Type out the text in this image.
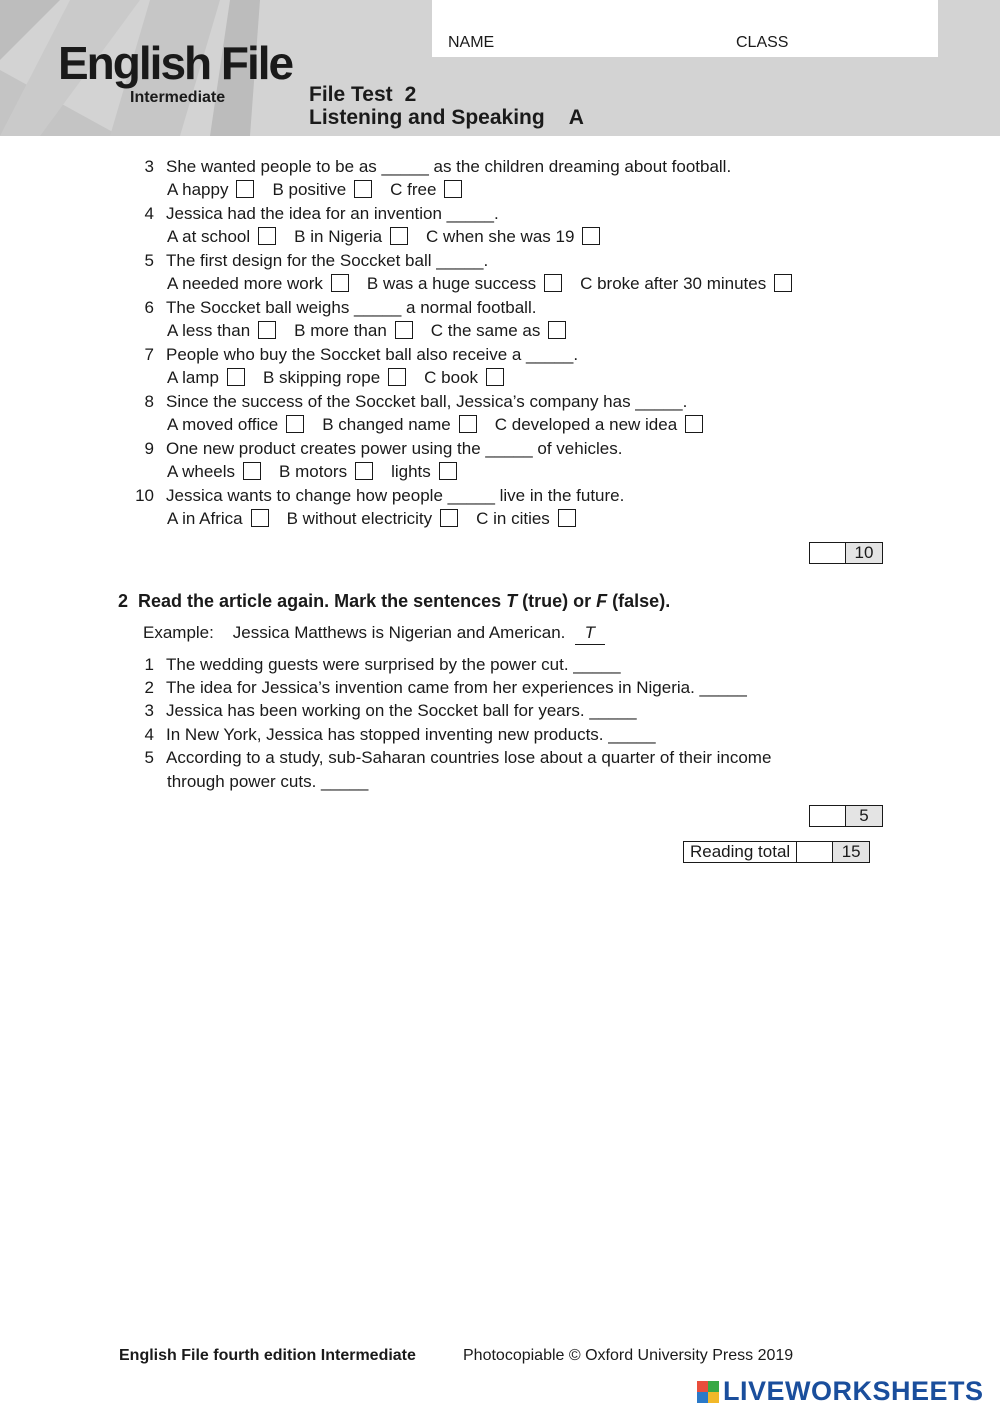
English File
Intermediate
NAME	CLASS
File Test 2
Listening and Speaking A
3 She wanted people to be as _____ as the children dreaming about football.
A happy	B positive	C free
4 Jessica had the idea for an invention _____.
A at school	B in Nigeria	C when she was 19
5 The first design for the Soccket ball _____.
A needed more work	B was a huge success	C broke after 30 minutes
6 The Soccket ball weighs _____ a normal football.
A less than	B more than	C the same as
7 People who buy the Soccket ball also receive a _____.
A lamp	B skipping rope	C book
8 Since the success of the Soccket ball, Jessica’s company has _____.
A moved office	B changed name	C developed a new idea
9 One new product creates power using the _____ of vehicles.
A wheels	B motors	lights
10 Jessica wants to change how people _____ live in the future.
A in Africa	B without electricity	C in cities
10
2 Read the article again. Mark the sentences T (true) or F (false).
Example: Jessica Matthews is Nigerian and American. T
1 The wedding guests were surprised by the power cut. _____
2 The idea for Jessica’s invention came from her experiences in Nigeria. _____
3 Jessica has been working on the Soccket ball for years. _____
4 In New York, Jessica has stopped inventing new products. _____
5 According to a study, sub-Saharan countries lose about a quarter of their income
through power cuts. _____
5
Reading total	15
English File fourth edition Intermediate	Photocopiable © Oxford University Press 2019
LIVEWORKSHEETS
